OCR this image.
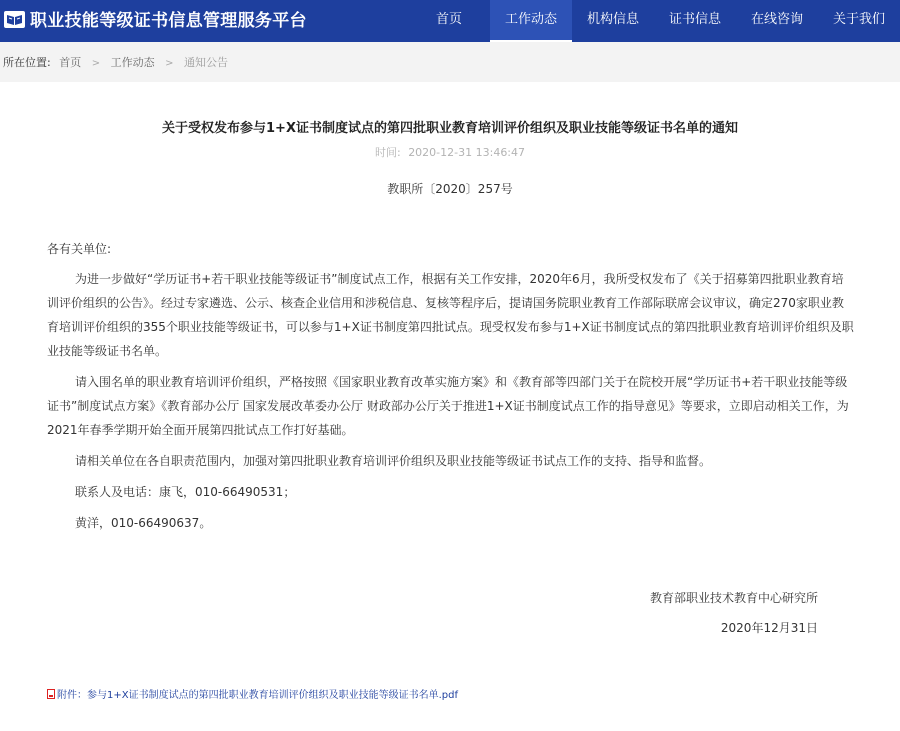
职业技能等级证书信息管理服务平台	首页	工作动态	机构信息	证书信息	在线咨询	关于我们
所在位置: 首页 > 工作动态 > 通知公告
关于受权发布参与1+X证书制度试点的第四批职业教育培训评价组织及职业技能等级证书名单的通知
时间: 2020-12-31 13:46:47
教职所〔2020〕257号

各有关单位:

为进一步做好“学历证书+若干职业技能等级证书”制度试点工作，根据有关工作安排，2020年6月，我所受权发布了《关于招募第四批职业教育培训评价组织的公告》。经过专家遴选、公示、核查企业信用和涉税信息、复核等程序后，提请国务院职业教育工作部际联席会议审议，确定270家职业教育培训评价组织的355个职业技能等级证书，可以参与1+X证书制度第四批试点。现受权发布参与1+X证书制度试点的第四批职业教育培训评价组织及职业技能等级证书名单。

请入围名单的职业教育培训评价组织，严格按照《国家职业教育改革实施方案》和《教育部等四部门关于在院校开展“学历证书+若干职业技能等级证书”制度试点方案》《教育部办公厅 国家发展改革委办公厅 财政部办公厅关于推进1+X证书制度试点工作的指导意见》等要求，立即启动相关工作，为2021年春季学期开始全面开展第四批试点工作打好基础。

请相关单位在各自职责范围内，加强对第四批职业教育培训评价组织及职业技能等级证书试点工作的支持、指导和监督。

联系人及电话：康飞，010-66490531；

黄洋，010-66490637。

教育部职业技术教育中心研究所
2020年12月31日
附件：参与1+X证书制度试点的第四批职业教育培训评价组织及职业技能等级证书名单.pdf
